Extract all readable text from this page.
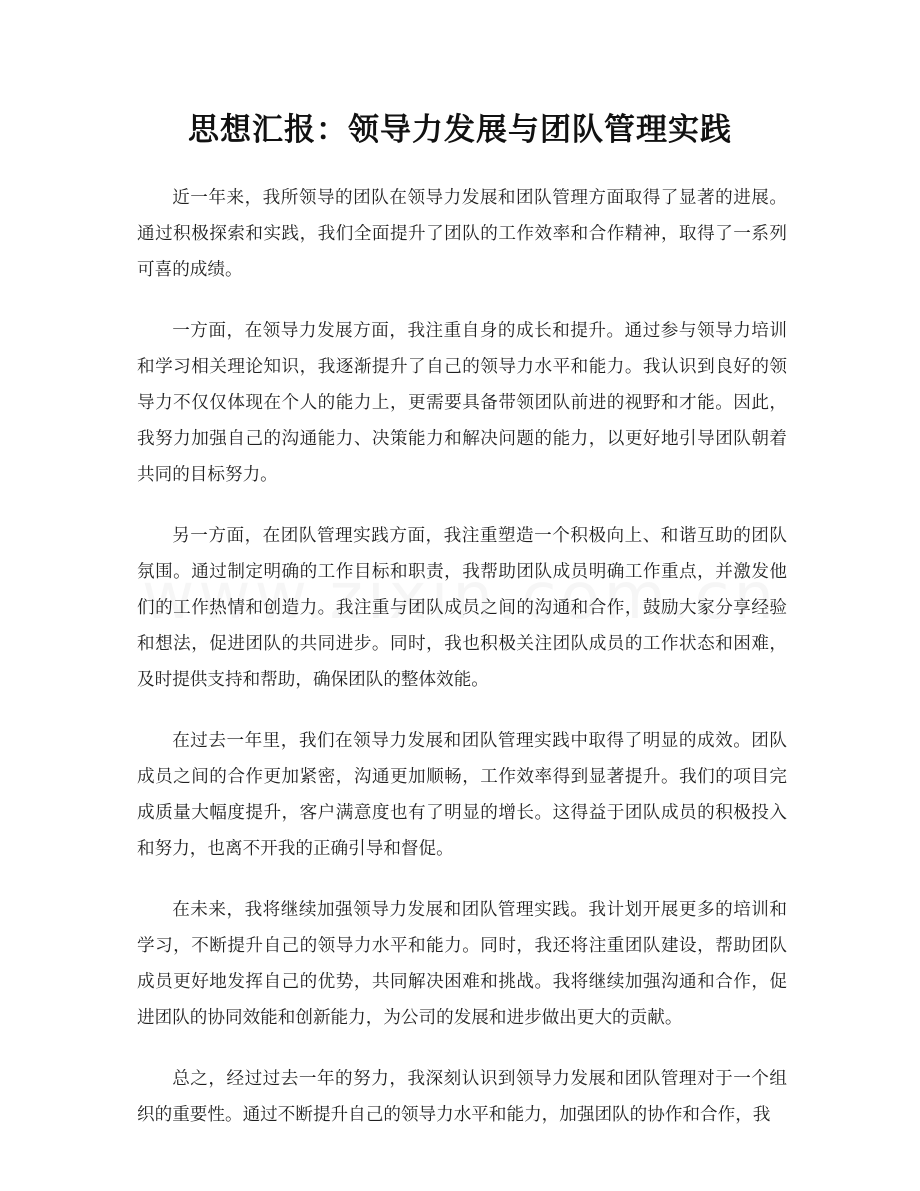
思想汇报：领导力发展与团队管理实践

近一年来，我所领导的团队在领导力发展和团队管理方面取得了显著的进展。通过积极探索和实践，我们全面提升了团队的工作效率和合作精神，取得了一系列可喜的成绩。

一方面，在领导力发展方面，我注重自身的成长和提升。通过参与领导力培训和学习相关理论知识，我逐渐提升了自己的领导力水平和能力。我认识到良好的领导力不仅仅体现在个人的能力上，更需要具备带领团队前进的视野和才能。因此，我努力加强自己的沟通能力、决策能力和解决问题的能力，以更好地引导团队朝着共同的目标努力。

另一方面，在团队管理实践方面，我注重塑造一个积极向上、和谐互助的团队氛围。通过制定明确的工作目标和职责，我帮助团队成员明确工作重点，并激发他们的工作热情和创造力。我注重与团队成员之间的沟通和合作，鼓励大家分享经验和想法，促进团队的共同进步。同时，我也积极关注团队成员的工作状态和困难，及时提供支持和帮助，确保团队的整体效能。

在过去一年里，我们在领导力发展和团队管理实践中取得了明显的成效。团队成员之间的合作更加紧密，沟通更加顺畅，工作效率得到显著提升。我们的项目完成质量大幅度提升，客户满意度也有了明显的增长。这得益于团队成员的积极投入和努力，也离不开我的正确引导和督促。

在未来，我将继续加强领导力发展和团队管理实践。我计划开展更多的培训和学习，不断提升自己的领导力水平和能力。同时，我还将注重团队建设，帮助团队成员更好地发挥自己的优势，共同解决困难和挑战。我将继续加强沟通和合作，促进团队的协同效能和创新能力，为公司的发展和进步做出更大的贡献。

总之，经过过去一年的努力，我深刻认识到领导力发展和团队管理对于一个组织的重要性。通过不断提升自己的领导力水平和能力，加强团队的协作和合作，我
